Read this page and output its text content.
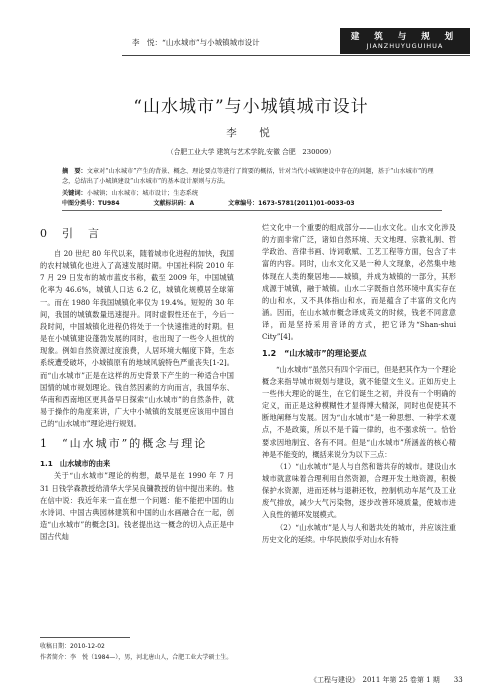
李　悦：“山水城市”与小城镇城市设计
建 筑 与 规 划
JIANZHUYUGUIHUA
“山水城市”与小城镇城市设计
李　悦
（合肥工业大学 建筑与艺术学院,安徽 合肥　230009）
摘　要：文章对“山水城市”产生的背景、概念、理论要点等进行了简要的概括，针对当代小城镇建设中存在的问题，基于“山水城市”的理念，总结出了小城镇建设“山水城市”的基本设计原则与方法。
关键词：小城镇；山水城市；城市设计；生态系统
中图分类号：TU984	文献标识码：A	文章编号：1673-5781(2011)01-0033-03

0　引　言

自 20 世纪 80 年代以来，随着城市化进程的加快，我国的农村城镇化也进入了高速发展时期。中国社科院 2010 年 7 月 29 日发布的城市蓝皮书称，截至 2009 年，中国城镇化率为 46.6%，城镇人口达 6.2 亿，城镇化规模居全球第一。而在 1980 年我国城镇化率仅为 19.4%。短短的 30 年间，我国的城镇数量迅速提升。同时虚假性还在于，今后一段时间，中国城镇化进程仍将处于一个快速推进的时期。但是在小城镇建设蓬勃发展的同时，也出现了一些令人担忧的现象。例如自然资源过度浪费，人居环境大幅度下降，生态系统遭受破坏，小城镇原有的地域风貌特色严重丧失[1-2]。而“山水城市”正是在这样的历史背景下产生的一种适合中国国情的城市规划理论。钱自然因素的方向而言，我国华东、华南和西南地区更具备早日探索“山水城市”的自然条件，就易于操作的角度来讲，广大中小城镇的发展更应该用中国自己的“山水城市”理论进行规划。

1　“山水城市”的概念与理论

1.1　山水城市的由来

关于“山水城市”理论的构想，最早是在 1990 年 7 月 31 日钱学森教授给清华大学吴良镛教授的信中提出来的。他在信中说：我近年来一直在想一个问题：能不能把中国的山水诗词、中国古典园林建筑和中国的山水画融合在一起，创造“山水城市”的概念[3]。钱老提出这一概念的切入点正是中国古代灿

烂文化中一个重要的组成部分——山水文化。山水文化涉及的方面非常广泛，诸如自然环境、天文地理、宗教礼制、哲学政治、音律书画、诗词歌赋、工艺工程等方面，包含了丰富的内容。同时，山水文化又是一种人文现象，必然集中地体现在人类的聚居地——城镇，并成为城镇的一部分，其形成源于城镇，融于城镇。山水二字既指自然环境中真实存在的山和水，又不具体指山和水，而是蕴含了丰富的文化内涵。因而，在山水城市概念译成英文的时候，钱老不同意意译，而是坚持采用音译的方式，把它译为“Shan-shui City”[4]。

1.2　“山水城市”的理论要点

“山水城市”虽然只有四个字而已，但是把其作为一个理论概念来指导城市规划与建设，就不能望文生义。正如历史上一些伟大理论的诞生，在它们诞生之初，并没有一个明确的定义，而正是这种模糊性才显得博大精深，同时也促使其不断地阐释与发展。因为“山水城市”是一种思想、一种学术观点，不是政策，所以不是千篇一律的，也不强求统一。恰恰要求因地制宜、各有不同。但是“山水城市”所涵盖的核心精神是不能变的，概括来说分为以下三点：

（1）“山水城市”是人与自然和谐共存的城市。建设山水城市就意味着合理利用自然资源，合理开发土地资源，积极保护水资源，进而还林与退耕还牧，控制机动车尾气及工业废气排放，减少大气污染物，逐步改善环境质量，使城市进入良性的循环发展模式。

（2）“山水城市”是人与人和谐共处的城市，并应该注重历史文化的延续。中华民族似乎对山水有特

收稿日期：2010-12-02
作者简介：李　悦（1984—），男，河北唐山人，合肥工业大学硕士生。
《工程与建设》　2011 年第 25 卷第 1 期　　33
